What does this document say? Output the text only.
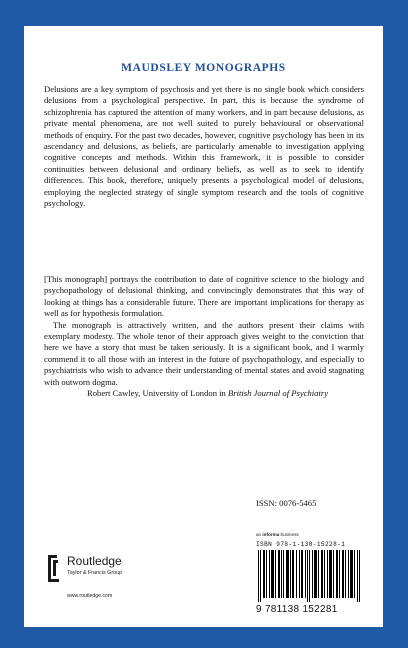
MAUDSLEY MONOGRAPHS
Delusions are a key symptom of psychosis and yet there is no single book which considers delusions from a psychological perspective. In part, this is because the syndrome of schizophrenia has captured the attention of many workers, and in part because delusions, as private mental phenomena, are not well suited to purely behavioural or observational methods of enquiry. For the past two decades, however, cognitive psychology has been in its ascendancy and delusions, as beliefs, are particularly amenable to investigation applying cognitive concepts and methods. Within this framework, it is possible to consider continuities between delusional and ordinary beliefs, as well as to seek to identify differences. This book, therefore, uniquely presents a psychological model of delusions, employing the neglected strategy of single symptom research and the tools of cognitive psychology.

[This monograph] portrays the contribution to date of cognitive science to the biology and psychopathology of delusional thinking, and convincingly demonstrates that this way of looking at things has a considerable future. There are important implications for therapy as well as for hypothesis formulation.

The monograph is attractively written, and the authors present their claims with exemplary modesty. The whole tenor of their approach gives weight to the conviction that here we have a story that must be taken seriously. It is a significant book, and I warmly commend it to all those with an interest in the future of psychopathology, and especially to psychiatrists who wish to advance their understanding of mental states and avoid stagnating with outworn dogma.

Robert Cawley, University of London in British Journal of Psychiatry

ISSN: 0076-5465
an informa business
ISBN 978-1-138-15228-1
9 781138 152281
Routledge
Taylor & Francis Group
www.routledge.com
